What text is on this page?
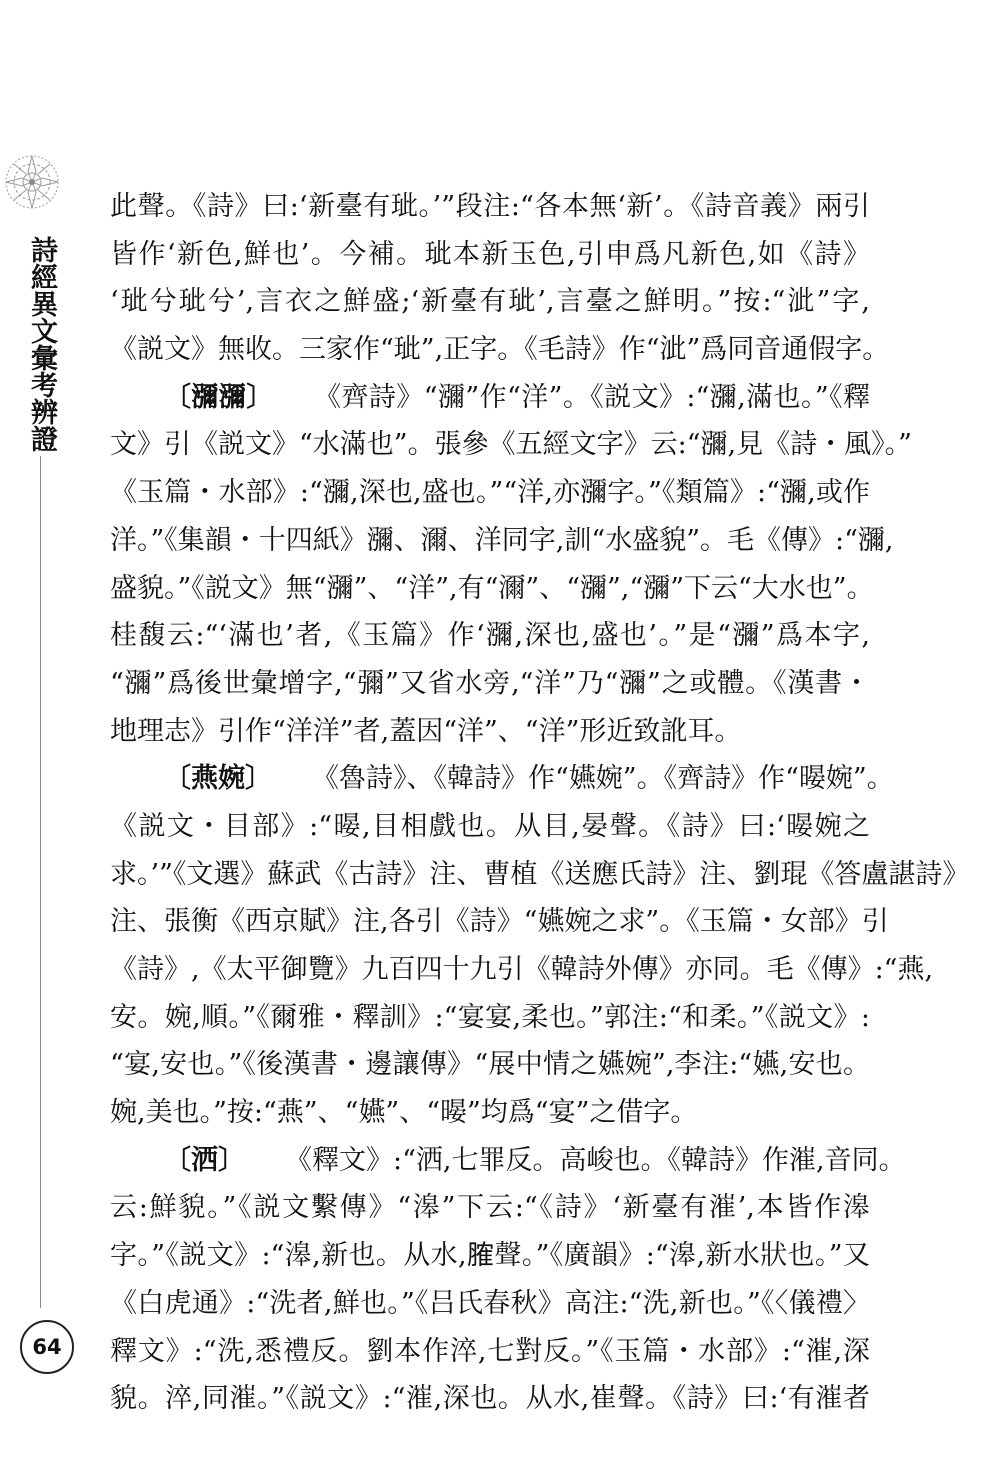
詩經異文彙考辨證
64
此聲。《詩》曰:‘新臺有玼。’”段注:“各本無‘新’。《詩音義》兩引
皆作‘新色,鮮也’。今補。玼本新玉色,引申爲凡新色,如《詩》
‘玼兮玼兮’,言衣之鮮盛;‘新臺有玼’,言臺之鮮明。”按:“泚”字,
《説文》無收。三家作“玼”,正字。《毛詩》作“泚”爲同音通假字。
〔瀰瀰〕 《齊詩》“瀰”作“洋”。《説文》:“瀰,滿也。”《釋
文》引《説文》“水滿也”。張參《五經文字》云:“瀰,見《詩・風》。”
《玉篇・水部》:“瀰,深也,盛也。”“洋,亦瀰字。”《類篇》:“瀰,或作
洋。”《集韻・十四紙》瀰、濔、洋同字,訓“水盛貌”。毛《傳》:“瀰,
盛貌。”《説文》無“瀰”、“洋”,有“濔”、“瀰”,“瀰”下云“大水也”。
桂馥云:“‘滿也’者,《玉篇》作‘瀰,深也,盛也’。”是“瀰”爲本字,
“瀰”爲後世彙增字,“彌”又省水旁,“洋”乃“瀰”之或體。《漢書・
地理志》引作“洋洋”者,蓋因“洋”、“洋”形近致訛耳。
〔燕婉〕 《魯詩》、《韓詩》作“嬿婉”。《齊詩》作“暥婉”。
《説文・目部》:“暥,目相戲也。从目,晏聲。《詩》曰:‘暥婉之
求。’”《文選》蘇武《古詩》注、曹植《送應氏詩》注、劉琨《答盧諶詩》
注、張衡《西京賦》注,各引《詩》“嬿婉之求”。《玉篇・女部》引
《詩》,《太平御覽》九百四十九引《韓詩外傳》亦同。毛《傳》:“燕,
安。婉,順。”《爾雅・釋訓》:“宴宴,柔也。”郭注:“和柔。”《説文》:
“宴,安也。”《後漢書・邊讓傳》“展中情之嬿婉”,李注:“嬿,安也。
婉,美也。”按:“燕”、“嬿”、“暥”均爲“宴”之借字。
〔洒〕 《釋文》:“洒,七罪反。高峻也。《韓詩》作漼,音同。
云:鮮貌。”《説文繫傳》“滜”下云:“《詩》‘新臺有漼’,本皆作滜
字。”《説文》:“滜,新也。从水,𦞦聲。”《廣韻》:“滜,新水狀也。”又
《白虎通》:“洗者,鮮也。”《吕氏春秋》高注:“洗,新也。”《〈儀禮〉
釋文》:“洗,悉禮反。劉本作淬,七對反。”《玉篇・水部》:“漼,深
貌。淬,同漼。”《説文》:“漼,深也。从水,崔聲。《詩》曰:‘有漼者
